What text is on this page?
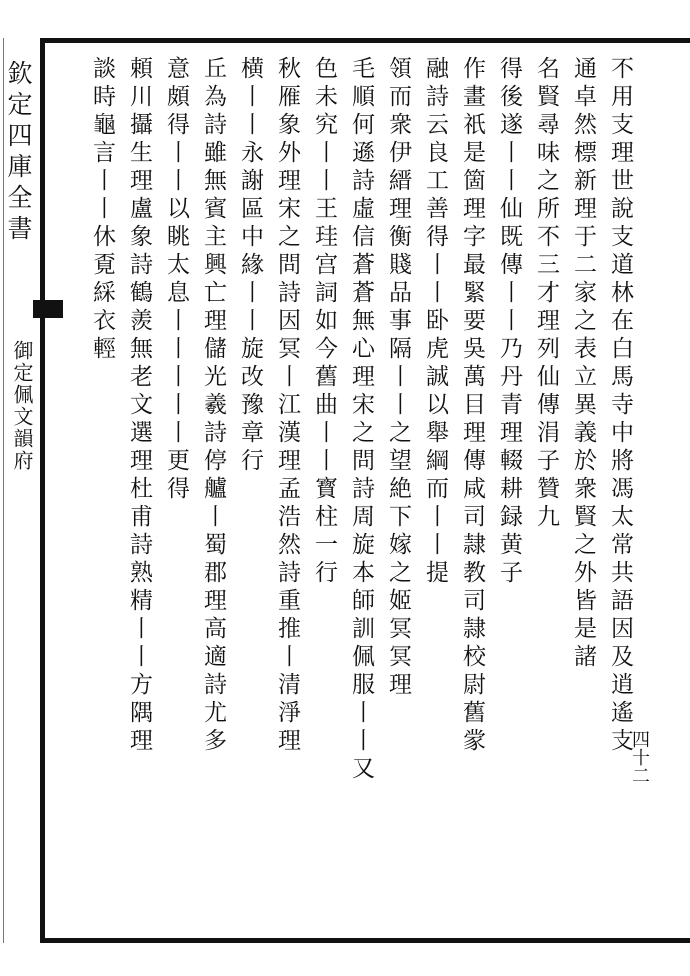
欽定四庫全書
御定佩文韻府
四十二
不用支理世說支道林在白馬寺中將馮太常共語因及逍遙支
通卓然標新理于二家之表立異義於衆賢之外皆是諸
名賢尋味之所不三才理列仙傳涓子贊九
得後遂丨丨仙既傳丨丨乃丹青理輟耕録黄子
作畫祇是箇理字最緊要吳萬目理傳咸司隷教司隷校尉舊䝉
融詩云良工善得丨丨卧虎誠以舉綱而丨丨提
領而衆伊縉理衡賤品事隔丨丨之望絶下嫁之姬冥冥理
毛順何遜詩虛信蒼蒼無心理宋之問詩周旋本師訓佩服丨丨又
色未究丨丨王珪宫詞如今舊曲丨丨寳柱一行
秋雁象外理宋之問詩因冥丨江漢理孟浩然詩重推丨清淨理
横丨丨永謝區中緣丨丨旋改豫章行
丘為詩雖無賓主興亡理儲光羲詩停艫丨蜀郡理高適詩尤多
意頗得丨丨以眺太息丨丨丨丨丨更得
頼川攝生理盧象詩鶴羨無老文選理杜甫詩熟精丨丨方隅理
談時龜言丨丨休覔綵衣輕
